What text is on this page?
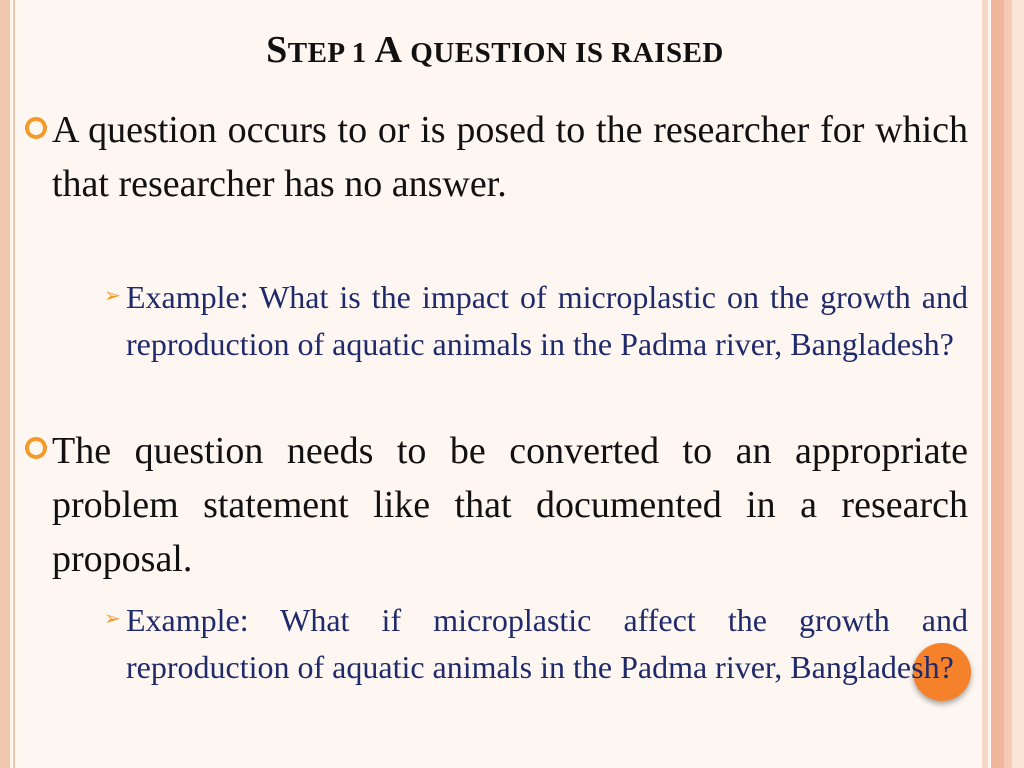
STEP 1 A QUESTION IS RAISED
A question occurs to or is posed to the researcher for which that researcher has no answer.
➢ Example: What is the impact of microplastic on the growth and reproduction of aquatic animals in the Padma river, Bangladesh?
The question needs to be converted to an appropriate problem statement like that documented in a research proposal.
➢ Example: What if microplastic affect the growth and reproduction of aquatic animals in the Padma river, Bangladesh?
